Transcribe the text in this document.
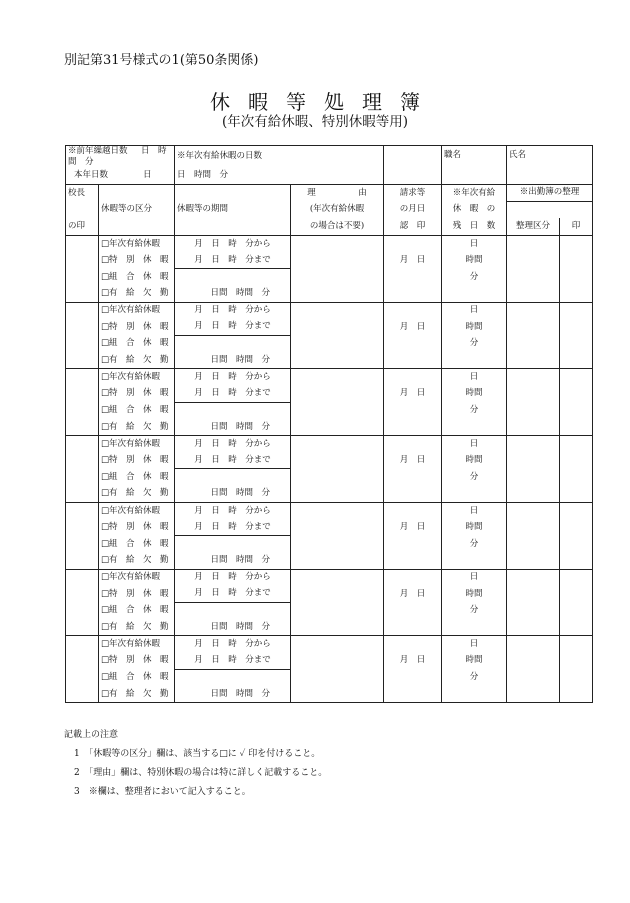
別記第31号様式の1(第50条関係)
休 暇 等 処 理 簿
(年次有給休暇、特別休暇等用)
※前年繰越日数 日　時間　分		※年次有給休暇の日数			職名	氏名	
本年日数 日		日　時間　分					
校長	休暇等の区分	休暇等の期間	理　　　　　由	請求等	※年次有給	※出勤簿の整理	
			(年次有給休暇	の月日	休　暇　の		
の印			の場合は不要)	認　印	残　日　数	整理区分	印
	□年次有給休暇	月　日　時　分から			日		
	□特　別　休　暇	月　日　時　分まで		月　日	時間		
	□組　合　休　暇				分		
	□有　給　欠　勤	日間　時間　分					
	□年次有給休暇	月　日　時　分から			日		
	□特　別　休　暇	月　日　時　分まで		月　日	時間		
	□組　合　休　暇				分		
	□有　給　欠　勤	日間　時間　分					
	□年次有給休暇	月　日　時　分から			日		
	□特　別　休　暇	月　日　時　分まで		月　日	時間		
	□組　合　休　暇				分		
	□有　給　欠　勤	日間　時間　分					
	□年次有給休暇	月　日　時　分から			日		
	□特　別　休　暇	月　日　時　分まで		月　日	時間		
	□組　合　休　暇				分		
	□有　給　欠　勤	日間　時間　分					
	□年次有給休暇	月　日　時　分から			日		
	□特　別　休　暇	月　日　時　分まで		月　日	時間		
	□組　合　休　暇				分		
	□有　給　欠　勤	日間　時間　分					
	□年次有給休暇	月　日　時　分から			日		
	□特　別　休　暇	月　日　時　分まで		月　日	時間		
	□組　合　休　暇				分		
	□有　給　欠　勤	日間　時間　分					
	□年次有給休暇	月　日　時　分から			日		
	□特　別　休　暇	月　日　時　分まで		月　日	時間		
	□組　合　休　暇				分		
	□有　給　欠　勤	日間　時間　分					
記載上の注意
1　「休暇等の区分」欄は、該当する□に ✓ 印を付けること。
2　「理由」欄は、特別休暇の場合は特に詳しく記載すること。
3　※欄は、整理者において記入すること。
